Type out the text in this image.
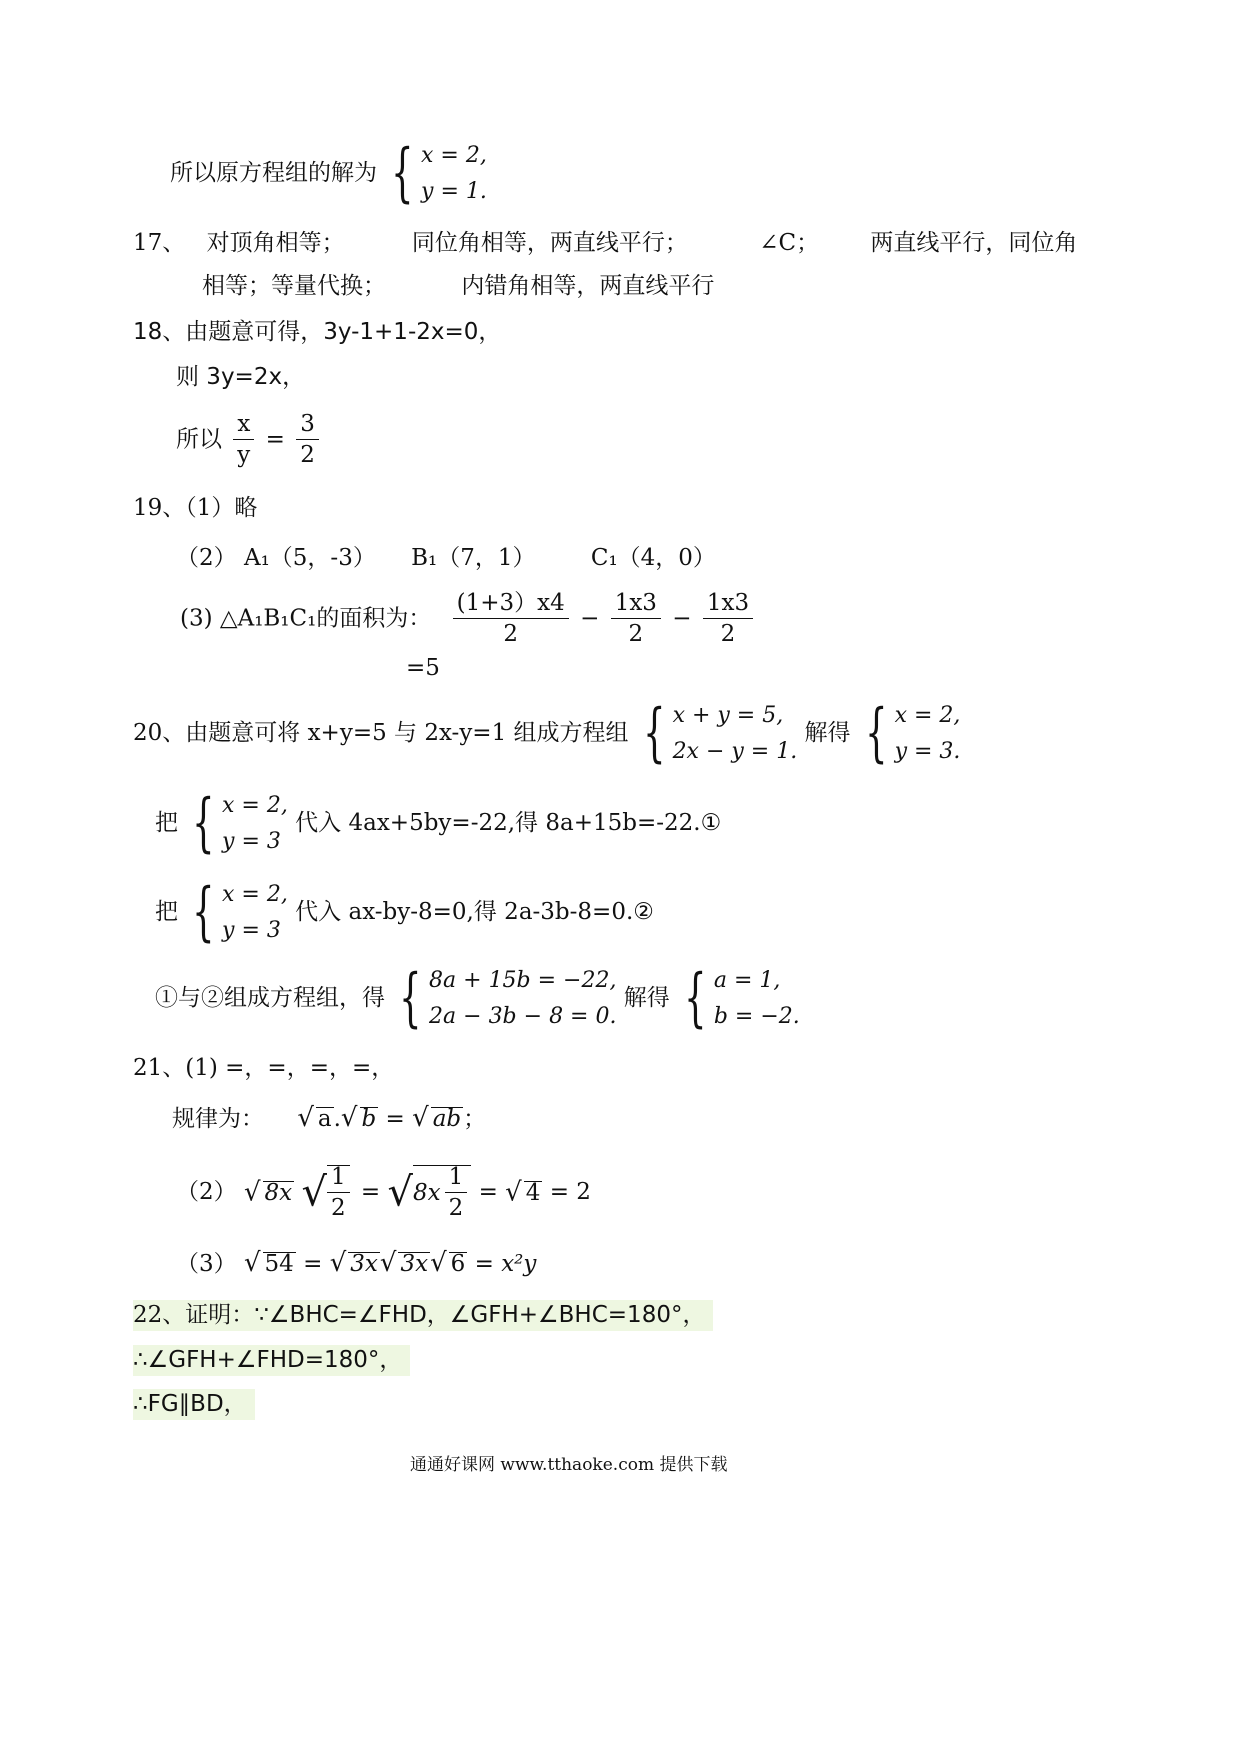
所以原方程组的解为 { x = 2,
y = 1.
17、 对顶角相等；	同位角相等，两直线平行；	∠C； 两直线平行，同位角
相等；等量代换；	内错角相等，两直线平行
18、由题意可得，3y-1+1-2x=0，
则 3y=2x，
所以 $\frac{x}{y} = \frac{3}{2}$
19、（1）略
（2） A₁（5，-3） B₁（7，1） C₁（4，0）
(3) △A₁B₁C₁的面积为： $\frac{(1+3)x4}{2} - \frac{1x3}{2} - \frac{1x3}{2}$
=5
20、由题意可将 x+y=5 与 2x-y=1 组成方程组 { x + y = 5,
2x − y = 1.
解得 { x = 2,
y = 3.
把 { x = 2,
y = 3
代入 4ax+5by=-22,得 8a+15b=-22.①
把 { x = 2,
y = 3
代入 ax-by-8=0,得 2a-3b-8=0.②
①与②组成方程组，得 { 8a + 15b = −22,
2a − 3b − 8 = 0.
解得 { a = 1,
b = −2.
21、(1) =，=，=，=，
规律为： √ a.√ b = √ ab；
（2） √ 8x √ $\frac{1}{2}$ = √ $8x \frac{1}{2}$ = √ 4 = 2
（3） √ 54 = √ 3x√ 3x√ 6 = x²y
22、证明：∵∠BHC=∠FHD，∠GFH+∠BHC=180°，
∴∠GFH+∠FHD=180°，
∴FG∥BD，
通通好课网 www.tthaoke.com 提供下载
